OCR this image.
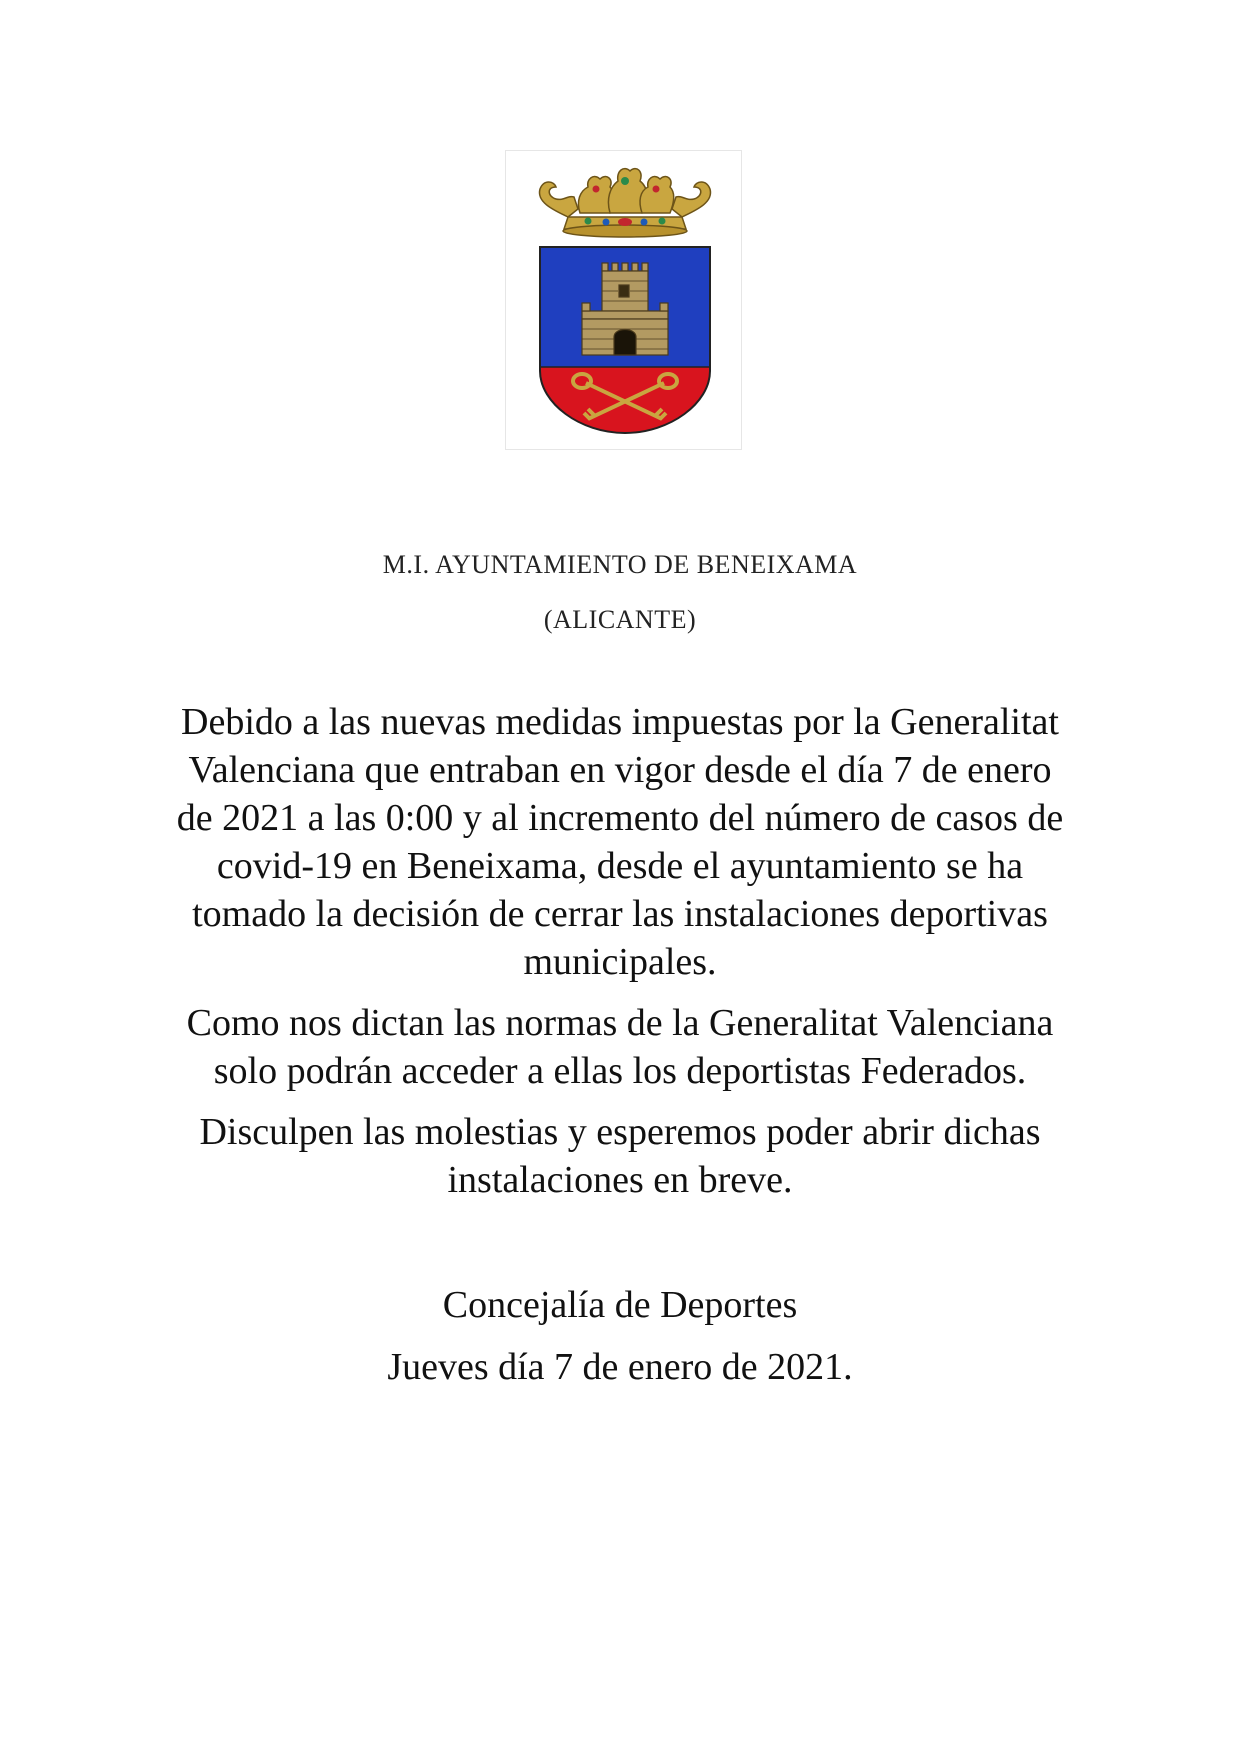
M.I. AYUNTAMIENTO DE BENEIXAMA
(ALICANTE)

Debido a las nuevas medidas impuestas por la Generalitat Valenciana que entraban en vigor desde el día 7 de enero de 2021 a las 0:00 y al incremento del número de casos de covid-19 en Beneixama, desde el ayuntamiento se ha tomado la decisión de cerrar las instalaciones deportivas municipales.

Como nos dictan las normas de la Generalitat Valenciana solo podrán acceder a ellas los deportistas Federados.

Disculpen las molestias y esperemos poder abrir dichas instalaciones en breve.

Concejalía de Deportes
Jueves día 7 de enero de 2021.
